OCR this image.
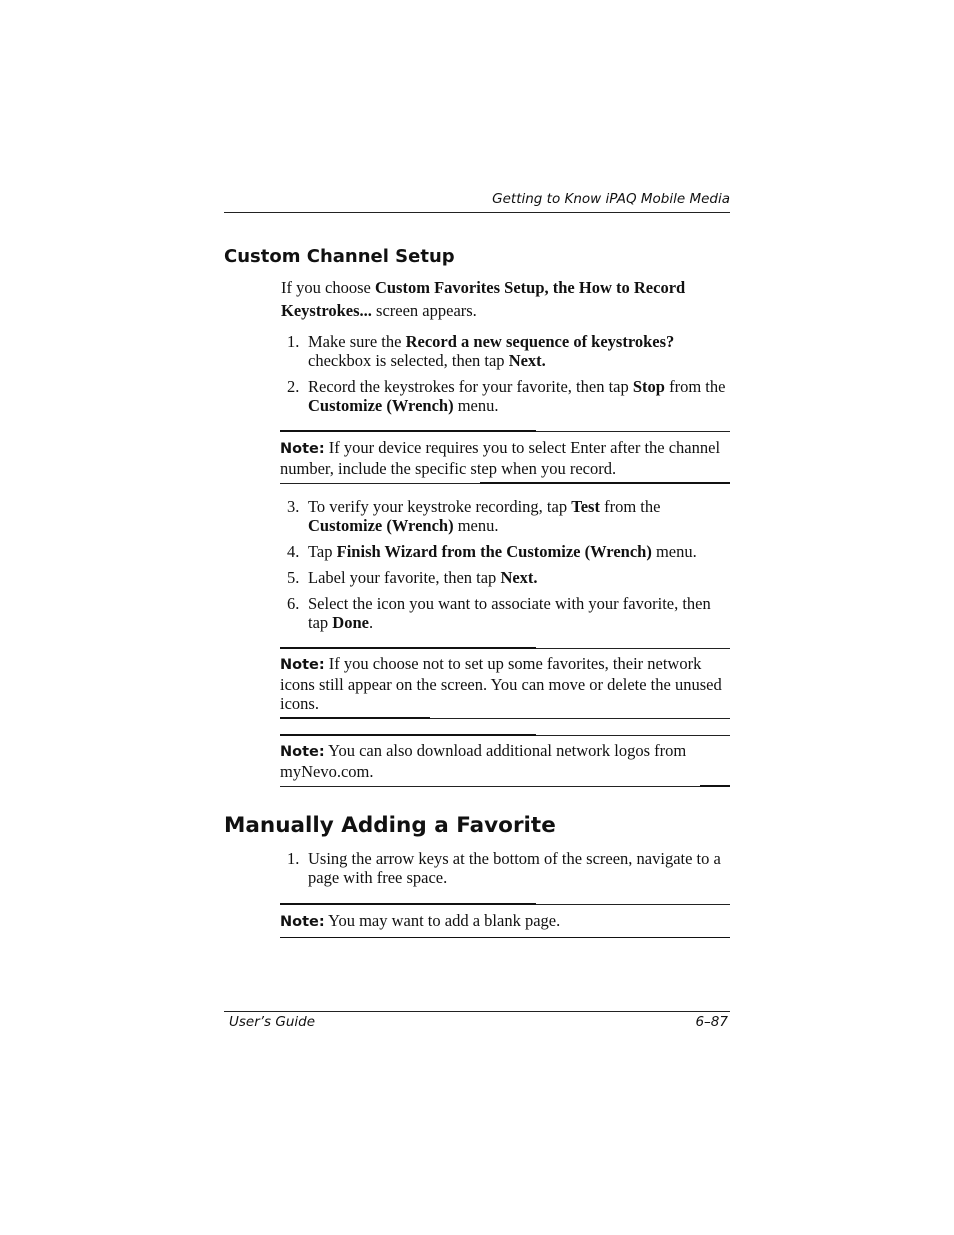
Getting to Know iPAQ Mobile Media
Custom Channel Setup

If you choose Custom Favorites Setup, the How to Record Keystrokes... screen appears.

1. Make sure the Record a new sequence of keystrokes? checkbox is selected, then tap Next.
2. Record the keystrokes for your favorite, then tap Stop from the Customize (Wrench) menu.

Note: If your device requires you to select Enter after the channel number, include the specific step when you record.

3. To verify your keystroke recording, tap Test from the Customize (Wrench) menu.
4. Tap Finish Wizard from the Customize (Wrench) menu.
5. Label your favorite, then tap Next.
6. Select the icon you want to associate with your favorite, then tap Done.

Note: If you choose not to set up some favorites, their network icons still appear on the screen. You can move or delete the unused icons.

Note: You can also download additional network logos from myNevo.com.

Manually Adding a Favorite
1. Using the arrow keys at the bottom of the screen, navigate to a page with free space.

Note: You may want to add a blank page.

User’s Guide	6–87
